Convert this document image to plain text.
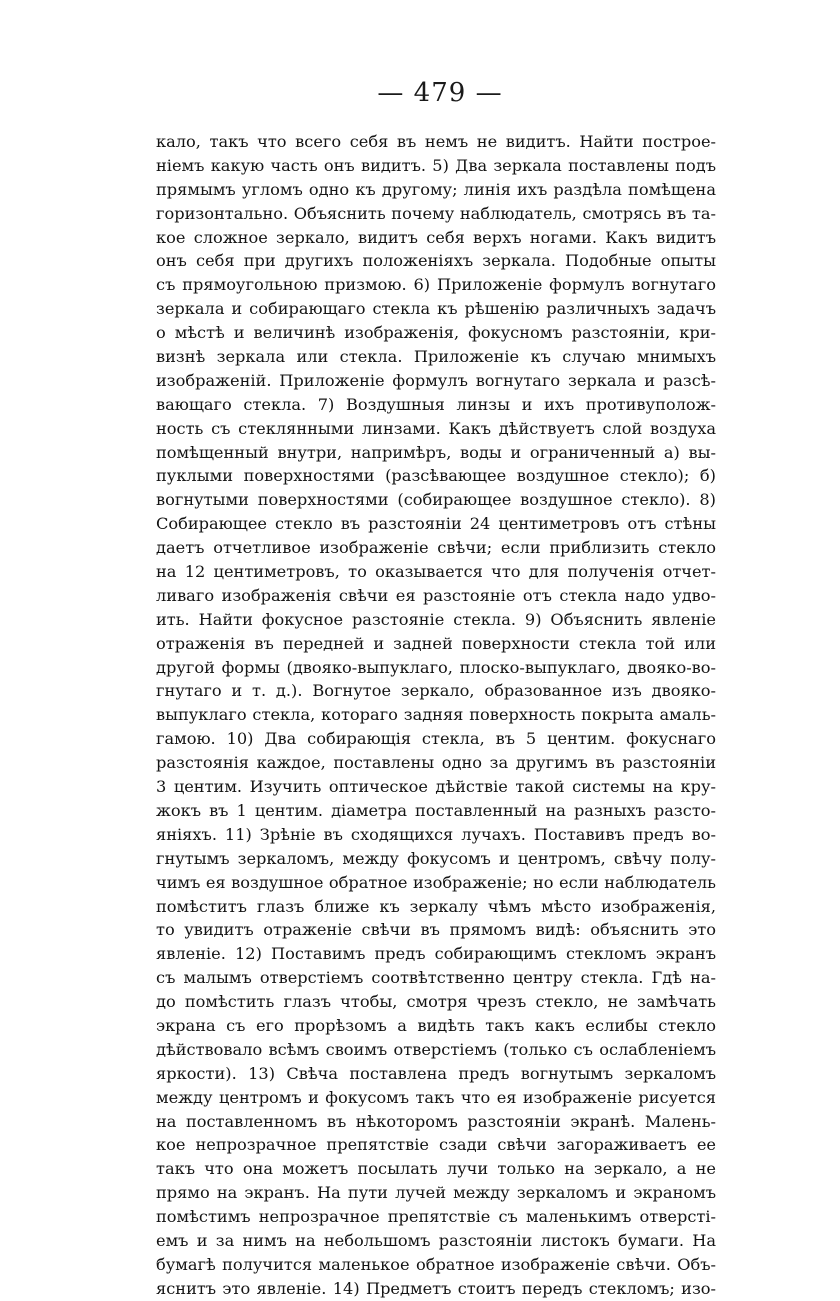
— 479 —
кало, такъ что всего себя въ немъ не видитъ. Найти построе-
ніемъ какую часть онъ видитъ. 5) Два зеркала поставлены подъ
прямымъ угломъ одно къ другому; линія ихъ раздѣла помѣщена
горизонтально. Объяснить почему наблюдатель, смотрясь въ та-
кое сложное зеркало, видитъ себя верхъ ногами. Какъ видитъ
онъ себя при другихъ положеніяхъ зеркала. Подобные опыты
съ прямоугольною призмою. 6) Приложеніе формулъ вогнутаго
зеркала и собирающаго стекла къ рѣшенію различныхъ задачъ
о мѣстѣ и величинѣ изображенія, фокусномъ разстояніи, кри-
визнѣ зеркала или стекла. Приложеніе къ случаю мнимыхъ
изображеній. Приложеніе формулъ вогнутаго зеркала и разсѣ-
вающаго стекла. 7) Воздушныя линзы и ихъ противуполож-
ность съ стеклянными линзами. Какъ дѣйствуетъ слой воздуха
помѣщенный внутри, напримѣръ, воды и ограниченный а) вы-
пуклыми поверхностями (разсѣвающее воздушное стекло); б)
вогнутыми поверхностями (собирающее воздушное стекло). 8)
Собирающее стекло въ разстояніи 24 центиметровъ отъ стѣны
даетъ отчетливое изображеніе свѣчи; если приблизить стекло
на 12 центиметровъ, то оказывается что для полученія отчет-
ливаго изображенія свѣчи ея разстояніе отъ стекла надо удво-
ить. Найти фокусное разстояніе стекла. 9) Объяснить явленіе
отраженія въ передней и задней поверхности стекла той или
другой формы (двояко-выпуклаго, плоско-выпуклаго, двояко-во-
гнутаго и т. д.). Вогнутое зеркало, образованное изъ двояко-
выпуклаго стекла, котораго задняя поверхность покрыта амаль-
гамою. 10) Два собирающія стекла, въ 5 центим. фокуснаго
разстоянія каждое, поставлены одно за другимъ въ разстояніи
3 центим. Изучить оптическое дѣйствіе такой системы на кру-
жокъ въ 1 центим. діаметра поставленный на разныхъ разсто-
яніяхъ. 11) Зрѣніе въ сходящихся лучахъ. Поставивъ предъ во-
гнутымъ зеркаломъ, между фокусомъ и центромъ, свѣчу полу-
чимъ ея воздушное обратное изображеніе; но если наблюдатель
помѣститъ глазъ ближе къ зеркалу чѣмъ мѣсто изображенія,
то увидитъ отраженіе свѣчи въ прямомъ видѣ: объяснить это
явленіе. 12) Поставимъ предъ собирающимъ стекломъ экранъ
съ малымъ отверстіемъ соотвѣтственно центру стекла. Гдѣ на-
до помѣстить глазъ чтобы, смотря чрезъ стекло, не замѣчать
экрана съ его прорѣзомъ а видѣть такъ какъ еслибы стекло
дѣйствовало всѣмъ своимъ отверстіемъ (только съ ослабленіемъ
яркости). 13) Свѣча поставлена предъ вогнутымъ зеркаломъ
между центромъ и фокусомъ такъ что ея изображеніе рисуется
на поставленномъ въ нѣкоторомъ разстояніи экранѣ. Малень-
кое непрозрачное препятствіе сзади свѣчи загораживаетъ ее
такъ что она можетъ посылать лучи только на зеркало, а не
прямо на экранъ. На пути лучей между зеркаломъ и экраномъ
помѣстимъ непрозрачное препятствіе съ маленькимъ отверсті-
емъ и за нимъ на небольшомъ разстояніи листокъ бумаги. На
бумагѣ получится маленькое обратное изображеніе свѣчи. Объ-
яснитъ это явленіе. 14) Предметъ стоитъ передъ стекломъ; изо-
